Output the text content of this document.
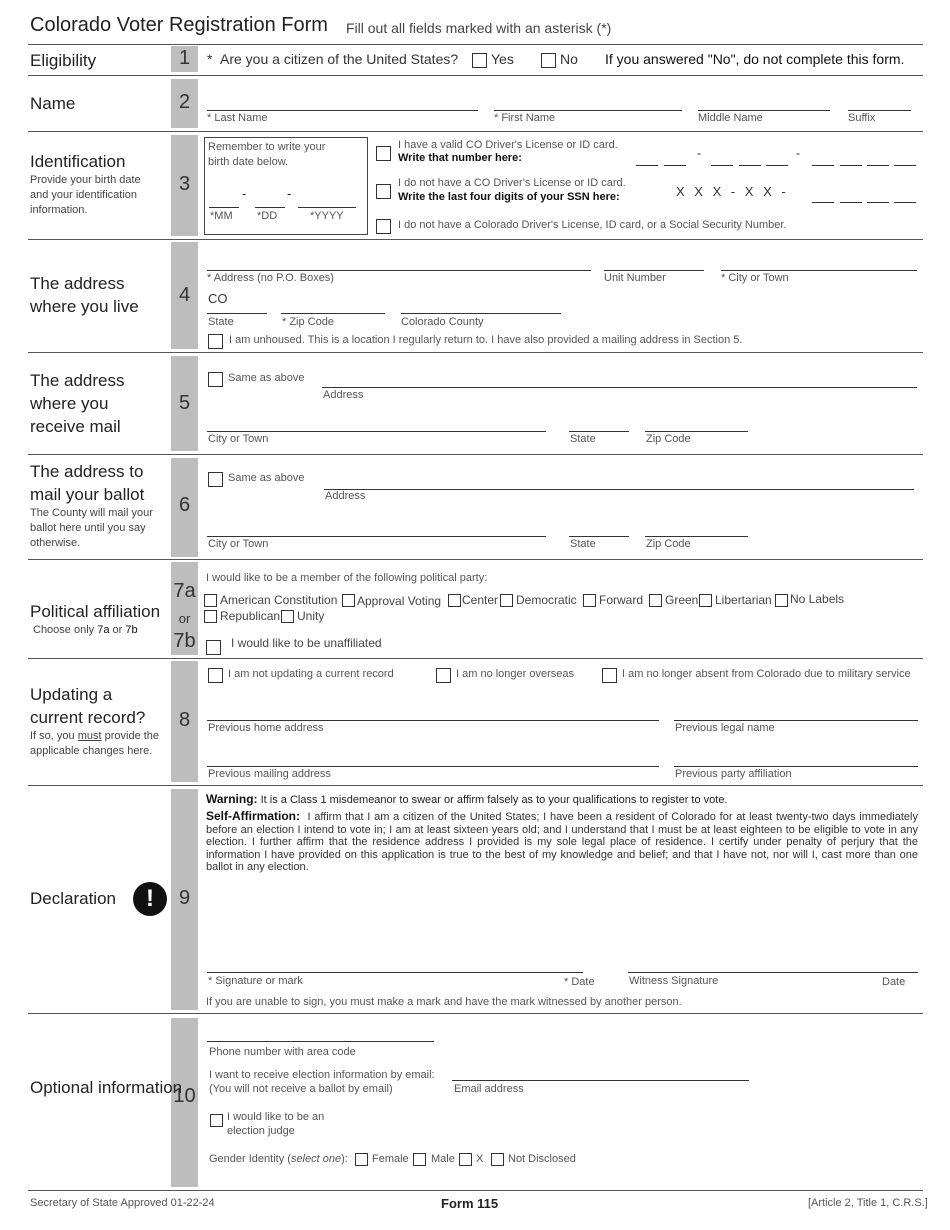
Colorado Voter Registration Form Fill out all fields marked with an asterisk (*)
Eligibility	1	* Are you a citizen of the United States? Yes	No If you answered "No", do not complete this form.
Name	2
* Last Name	* First Name	Middle Name	Suffix
Identification
Provide your birth date and your identification information.
3
Remember to write your birth date below.
-	-
*MM *DD	*YYYY
I have a valid CO Driver's License or ID card.
Write that number here:	-	-
I do not have a CO Driver's License or ID card.
Write the last four digits of your SSN here:	X X X - X X -
I do not have a Colorado Driver's License, ID card, or a Social Security Number.
The address where you live
4
* Address (no P.O. Boxes)	Unit Number	* City or Town
CO
State	* Zip Code	Colorado County
I am unhoused. This is a location I regularly return to. I have also provided a mailing address in Section 5.
The address where you receive mail
5
Same as above
Address
City or Town	State	Zip Code
The address to mail your ballot
The County will mail your ballot here until you say otherwise.
6
Same as above
Address
City or Town	State	Zip Code
Political affiliation
Choose only 7a or 7b
7a
or
7b
I would like to be a member of the following political party:
American Constitution Approval Voting Center Democratic Forward Green Libertarian No Labels
Republican Unity
I would like to be unaffiliated
Updating a current record?
If so, you must provide the applicable changes here.
8
I am not updating a current record	I am no longer overseas	I am no longer absent from Colorado due to military service
Previous home address	Previous legal name
Previous mailing address	Previous party affiliation
Declaration	!	9
Warning: It is a Class 1 misdemeanor to swear or affirm falsely as to your qualifications to register to vote.
Self-Affirmation: I affirm that I am a citizen of the United States; I have been a resident of Colorado for at least twenty-two days immediately before an election I intend to vote in; I am at least sixteen years old; and I understand that I must be at least eighteen to be eligible to vote in any election. I further affirm that the residence address I provided is my sole legal place of residence. I certify under penalty of perjury that the information I have provided on this application is true to the best of my knowledge and belief; and that I have not, nor will I, cast more than one ballot in any election.
* Signature or mark	* Date	Witness Signature	Date
If you are unable to sign, you must make a mark and have the mark witnessed by another person.
Optional information
10
Phone number with area code
I want to receive election information by email:
(You will not receive a ballot by email)	Email address
I would like to be an election judge
Gender Identity (select one): Female Male X Not Disclosed
Secretary of State Approved 01-22-24	Form 115	[Article 2, Title 1, C.R.S.]
